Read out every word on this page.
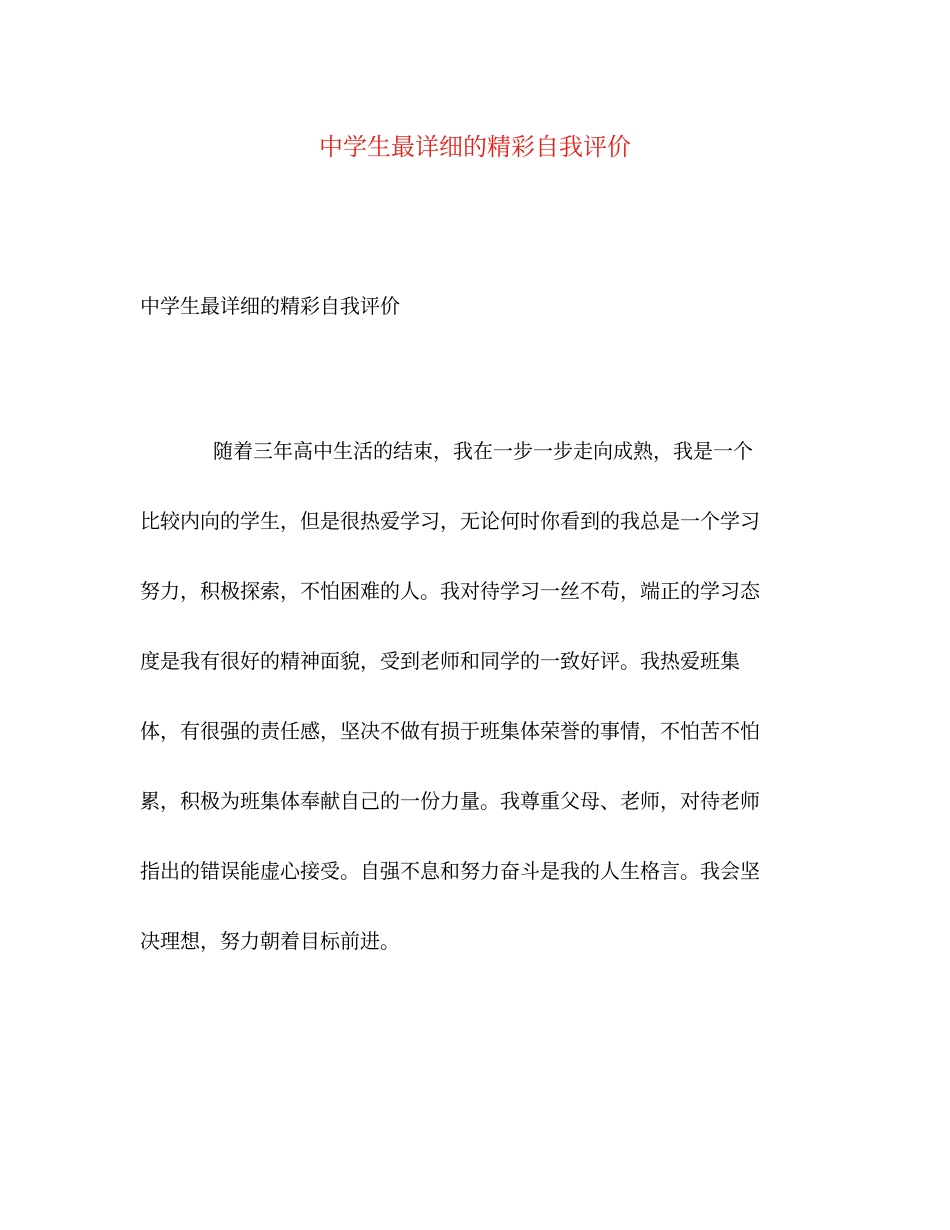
中学生最详细的精彩自我评价
中学生最详细的精彩自我评价
随着三年高中生活的结束，我在一步一步走向成熟，我是一个
比较内向的学生，但是很热爱学习，无论何时你看到的我总是一个学习
努力，积极探索，不怕困难的人。我对待学习一丝不苟，端正的学习态
度是我有很好的精神面貌，受到老师和同学的一致好评。我热爱班集
体，有很强的责任感，坚决不做有损于班集体荣誉的事情，不怕苦不怕
累，积极为班集体奉献自己的一份力量。我尊重父母、老师，对待老师
指出的错误能虚心接受。自强不息和努力奋斗是我的人生格言。我会坚
决理想，努力朝着目标前进。
